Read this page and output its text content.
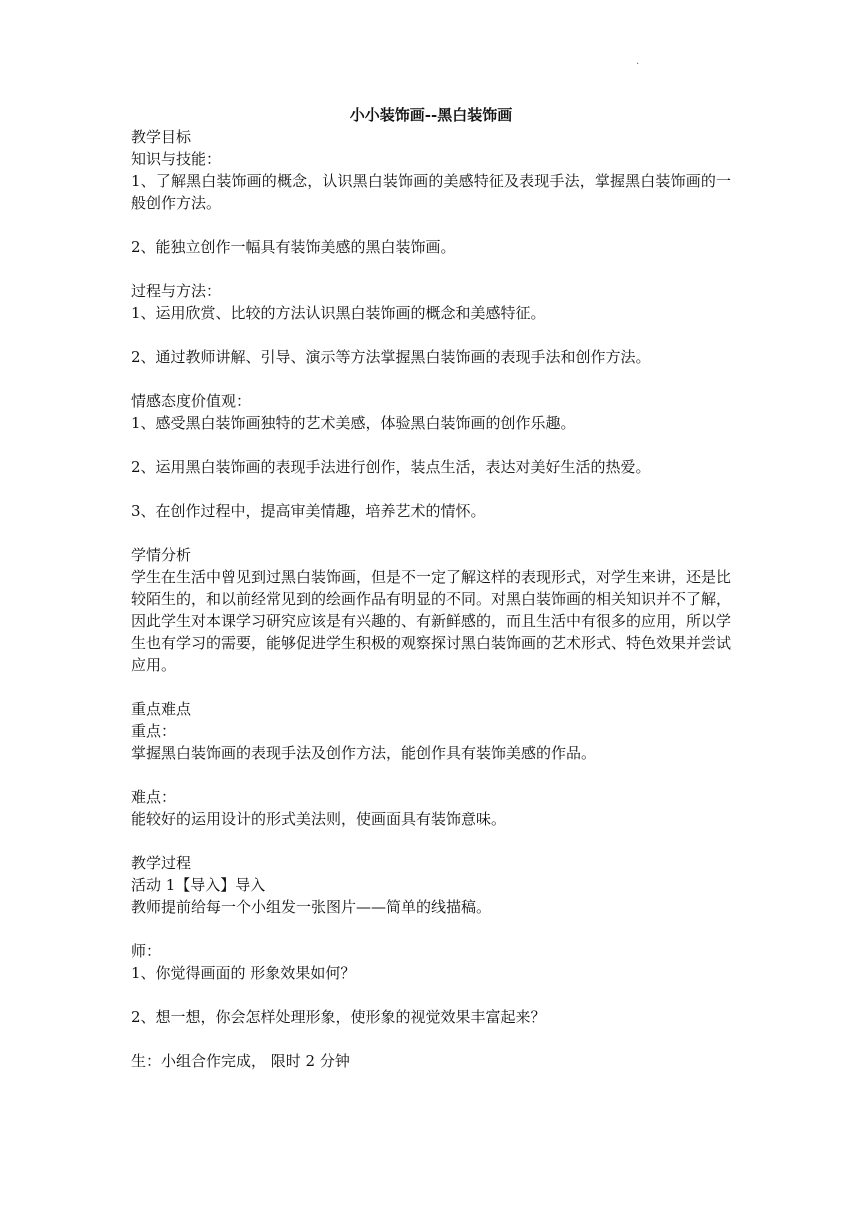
.
小小装饰画--黑白装饰画
教学目标
知识与技能：
1、了解黑白装饰画的概念，认识黑白装饰画的美感特征及表现手法，掌握黑白装饰画的一般创作方法。
2、能独立创作一幅具有装饰美感的黑白装饰画。
过程与方法：
1、运用欣赏、比较的方法认识黑白装饰画的概念和美感特征。
2、通过教师讲解、引导、演示等方法掌握黑白装饰画的表现手法和创作方法。
情感态度价值观：
1、感受黑白装饰画独特的艺术美感，体验黑白装饰画的创作乐趣。
2、运用黑白装饰画的表现手法进行创作，装点生活，表达对美好生活的热爱。
3、在创作过程中，提高审美情趣，培养艺术的情怀。
学情分析
学生在生活中曾见到过黑白装饰画，但是不一定了解这样的表现形式，对学生来讲，还是比较陌生的，和以前经常见到的绘画作品有明显的不同。对黑白装饰画的相关知识并不了解，因此学生对本课学习研究应该是有兴趣的、有新鲜感的，而且生活中有很多的应用，所以学生也有学习的需要，能够促进学生积极的观察探讨黑白装饰画的艺术形式、特色效果并尝试应用。
重点难点
重点：
掌握黑白装饰画的表现手法及创作方法，能创作具有装饰美感的作品。
难点：
能较好的运用设计的形式美法则，使画面具有装饰意味。
教学过程
活动 1【导入】导入
教师提前给每一个小组发一张图片——简单的线描稿。
师：
1、你觉得画面的 形象效果如何？
2、想一想，你会怎样处理形象，使形象的视觉效果丰富起来？
生：小组合作完成， 限时 2 分钟
